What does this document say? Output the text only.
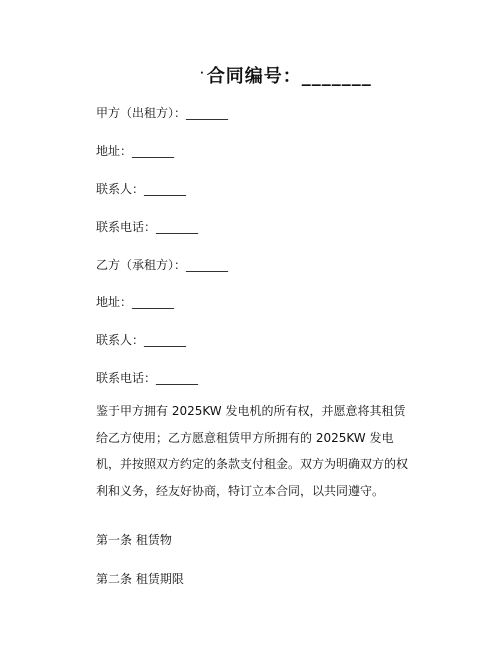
· 合同编号：_______
甲方（出租方）：_______
地址：_______
联系人：_______
联系电话：_______
乙方（承租方）：_______
地址：_______
联系人：_______
联系电话：_______
鉴于甲方拥有 2025KW 发电机的所有权，并愿意将其租赁给乙方使用；乙方愿意租赁甲方所拥有的 2025KW 发电机，并按照双方约定的条款支付租金。双方为明确双方的权利和义务，经友好协商，特订立本合同，以共同遵守。
第一条 租赁物
第二条 租赁期限
